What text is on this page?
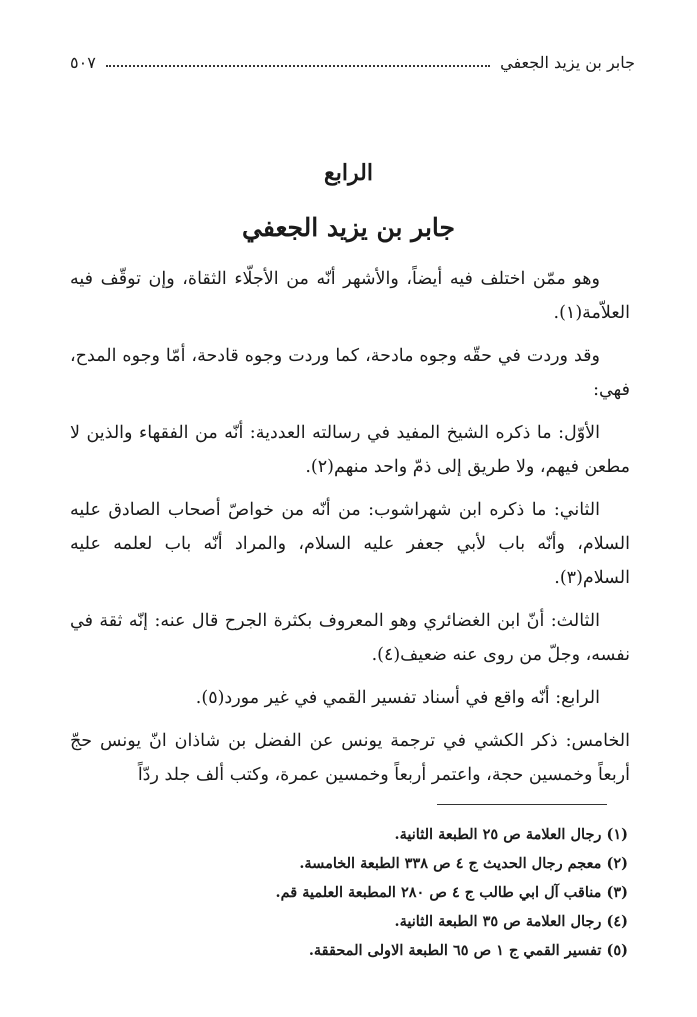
جابر بن يزيد الجعفي
٥٠٧
الرابع
جابر بن يزيد الجعفي

وهو ممّن اختلف فيه أيضاً، والأشهر أنّه من الأجلّاء الثقاة، وإن توقّف فيه العلاّمة(١).

وقد وردت في حقّه وجوه مادحة، كما وردت وجوه قادحة، أمّا وجوه المدح، فهي:

الأوّل: ما ذكره الشيخ المفيد في رسالته العددية: أنّه من الفقهاء والذين لا مطعن فيهم، ولا طريق إلى ذمّ واحد منهم(٢).

الثاني: ما ذكره ابن شهراشوب: من أنّه من خواصّ أصحاب الصادق عليه السلام، وأنّه باب لأبي جعفر عليه السلام، والمراد أنّه باب لعلمه عليه السلام(٣).

الثالث: أنّ ابن الغضائري وهو المعروف بكثرة الجرح قال عنه: إنّه ثقة في نفسه، وجلّ من روى عنه ضعيف(٤).

الرابع: أنّه واقع في أسناد تفسير القمي في غير مورد(٥).

الخامس: ذكر الكشي في ترجمة يونس عن الفضل بن شاذان انّ يونس حجّ أربعاً وخمسين حجة، واعتمر أربعاً وخمسين عمرة، وكتب ألف جلد ردّاً

(١) رجال العلامة ص ٢٥ الطبعة الثانية.

(٢) معجم رجال الحديث ج ٤ ص ٣٣٨ الطبعة الخامسة.

(٣) مناقب آل ابي طالب ج ٤ ص ٢٨٠ المطبعة العلمية قم.

(٤) رجال العلامة ص ٣٥ الطبعة الثانية.

(٥) تفسير القمي ج ١ ص ٦٥ الطبعة الاولى المحققة.
